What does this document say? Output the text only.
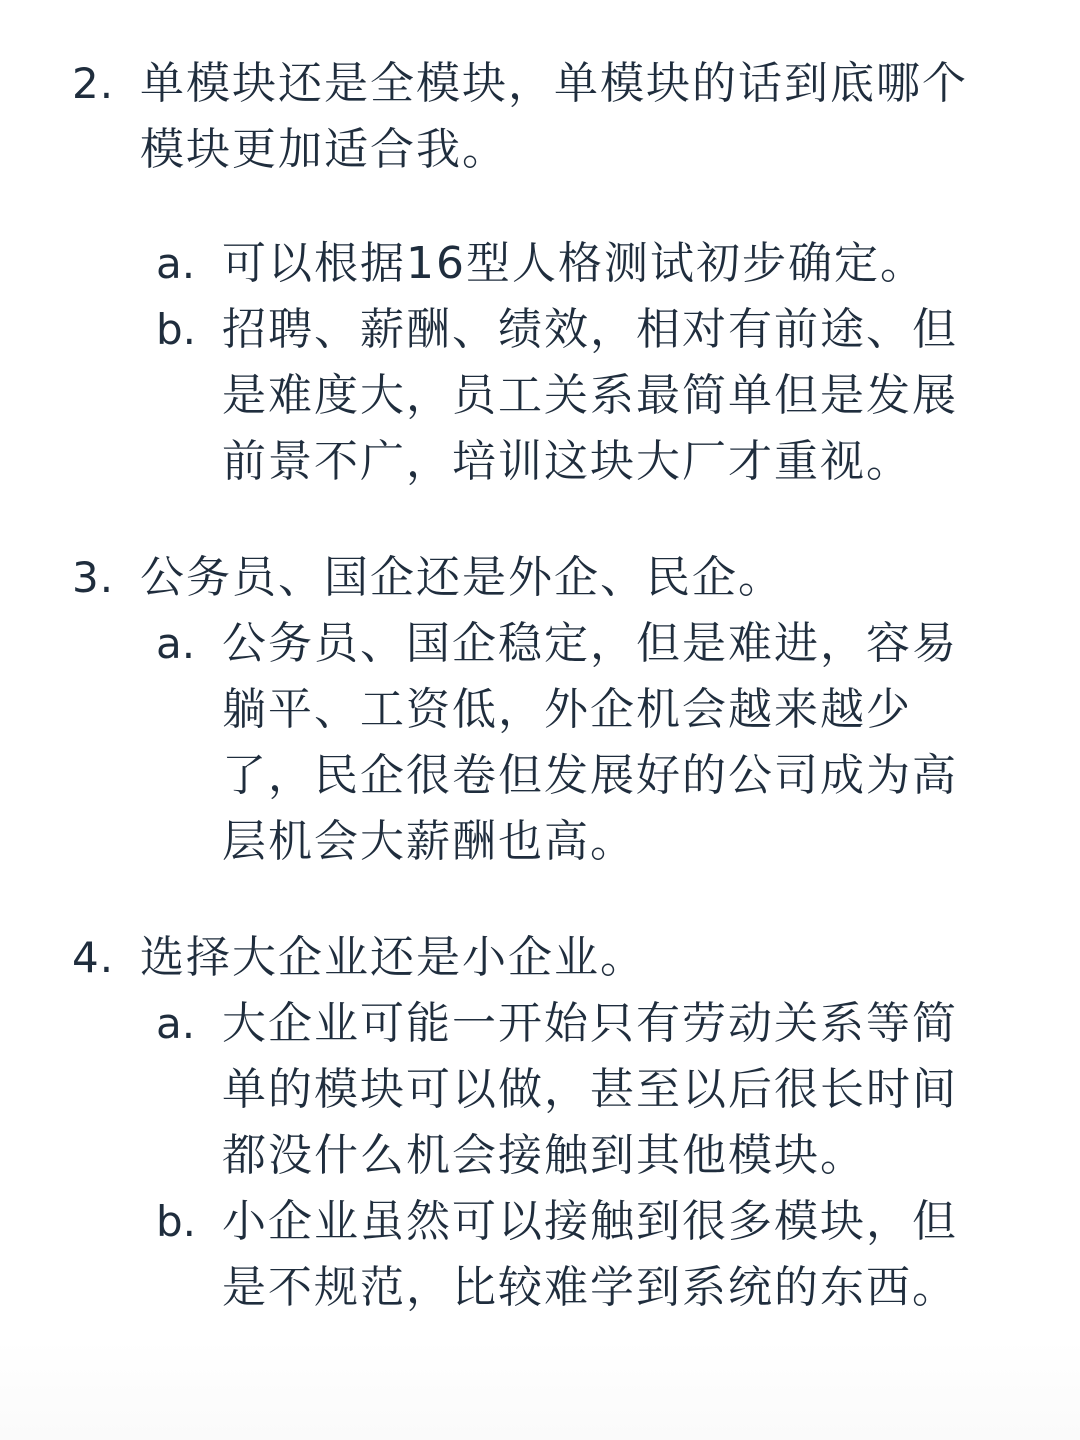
2. 单模块还是全模块，单模块的话到底哪个
模块更加适合我。
a. 可以根据16型人格测试初步确定。
b. 招聘、薪酬、绩效，相对有前途、但
是难度大，员工关系最简单但是发展
前景不广，培训这块大厂才重视。
3. 公务员、国企还是外企、民企。
a. 公务员、国企稳定，但是难进，容易
躺平、工资低，外企机会越来越少
了，民企很卷但发展好的公司成为高
层机会大薪酬也高。
4. 选择大企业还是小企业。
a. 大企业可能一开始只有劳动关系等简
单的模块可以做，甚至以后很长时间
都没什么机会接触到其他模块。
b. 小企业虽然可以接触到很多模块，但
是不规范，比较难学到系统的东西。
